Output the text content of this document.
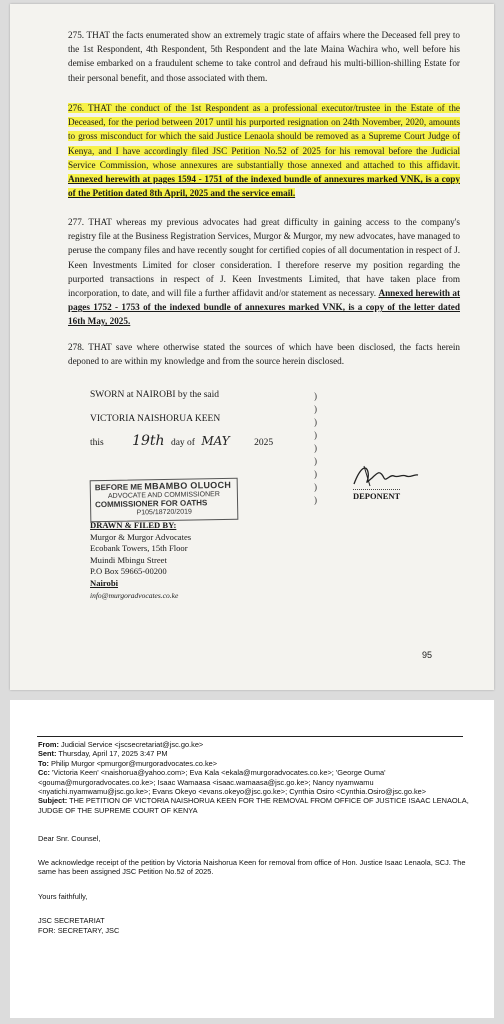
275. THAT the facts enumerated show an extremely tragic state of affairs where the Deceased fell prey to the 1st Respondent, 4th Respondent, 5th Respondent and the late Maina Wachira who, well before his demise embarked on a fraudulent scheme to take control and defraud his multi-billion-shilling Estate for their personal benefit, and those associated with them.

276. THAT the conduct of the 1st Respondent as a professional executor/trustee in the Estate of the Deceased, for the period between 2017 until his purported resignation on 24th November, 2020, amounts to gross misconduct for which the said Justice Lenaola should be removed as a Supreme Court Judge of Kenya, and I have accordingly filed JSC Petition No.52 of 2025 for his removal before the Judicial Service Commission, whose annexures are substantially those annexed and attached to this affidavit. Annexed herewith at pages 1594 - 1751 of the indexed bundle of annexures marked VNK, is a copy of the Petition dated 8th April, 2025 and the service email.

277. THAT whereas my previous advocates had great difficulty in gaining access to the company's registry file at the Business Registration Services, Murgor & Murgor, my new advocates, have managed to peruse the company files and have recently sought for certified copies of all documentation in respect of J. Keen Investments Limited for closer consideration. I therefore reserve my position regarding the purported transactions in respect of J. Keen Investments Limited, that have taken place from incorporation, to date, and will file a further affidavit and/or statement as necessary. Annexed herewith at pages 1752 - 1753 of the indexed bundle of annexures marked VNK, is a copy of the letter dated 16th May, 2025.

278. THAT save where otherwise stated the sources of which have been disclosed, the facts herein deponed to are within my knowledge and from the source herein disclosed.

SWORN at NAIROBI by the said
VICTORIA NAISHORUA KEEN
this 19th day of MAY	2025
)
)
)
)
)
)
)
)
)
BEFORE ME MBAMBO OLUOCH
ADVOCATE AND COMMISSIONER
COMMISSIONER FOR OATHS
P105/18720/2019
DEPONENT
DRAWN & FILED BY:
Murgor & Murgor Advocates
Ecobank Towers, 15th Floor
Muindi Mbingu Street
P.O Box 59665-00200
Nairobi
info@murgoradvocates.co.ke
95
From: Judicial Service <jscsecretariat@jsc.go.ke>
Sent: Thursday, April 17, 2025 3:47 PM
To: Philip Murgor <pmurgor@murgoradvocates.co.ke>
Cc: 'Victoria Keen' <naishorua@yahoo.com>; Eva Kala <ekala@murgoradvocates.co.ke>; 'George Ouma' <gouma@murgoradvocates.co.ke>; Isaac Wamaasa <isaac.wamaasa@jsc.go.ke>; Nancy nyamwamu <nyatichi.nyamwamu@jsc.go.ke>; Evans Okeyo <evans.okeyo@jsc.go.ke>; Cynthia Osiro <Cynthia.Osiro@jsc.go.ke>
Subject: THE PETITION OF VICTORIA NAISHORUA KEEN FOR THE REMOVAL FROM OFFICE OF JUSTICE ISAAC LENAOLA, JUDGE OF THE SUPREME COURT OF KENYA
Dear Snr. Counsel,
We acknowledge receipt of the petition by Victoria Naishorua Keen for removal from office of Hon. Justice Isaac Lenaola, SCJ. The same has been assigned JSC Petition No.52 of 2025.
Yours faithfully,
JSC SECRETARIAT
FOR: SECRETARY, JSC
